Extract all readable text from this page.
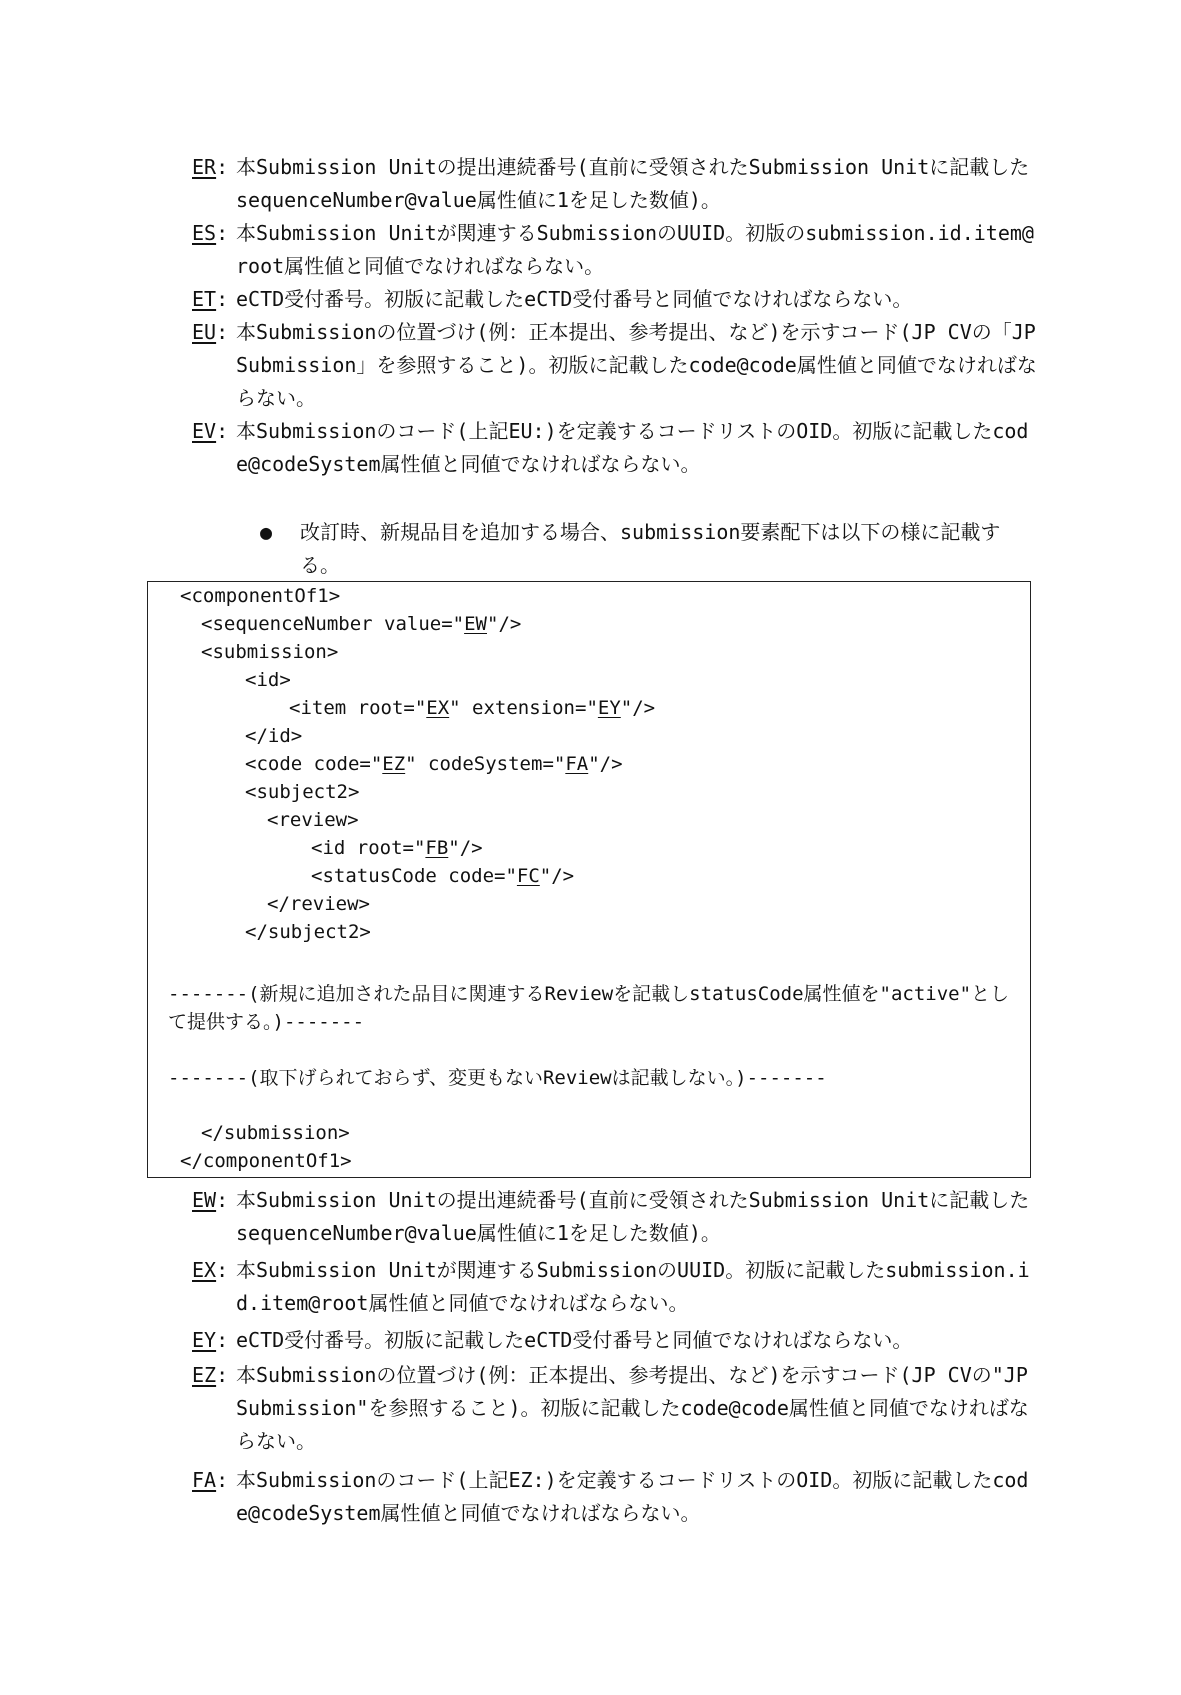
ER: 本Submission Unitの提出連続番号(直前に受領されたSubmission Unitに記載したsequenceNumber@value属性値に1を足した数値)。
ES: 本Submission Unitが関連するSubmissionのUUID。初版のsubmission.id.item@root属性値と同値でなければならない。
ET: eCTD受付番号。初版に記載したeCTD受付番号と同値でなければならない。
EU: 本Submissionの位置づけ(例：正本提出、参考提出、など)を示すコード(JP CVの「JP Submission」を参照すること)。初版に記載したcode@code属性値と同値でなければならない。
EV: 本Submissionのコード(上記EU:)を定義するコードリストのOID。初版に記載したcode@codeSystem属性値と同値でなければならない。
●	改訂時、新規品目を追加する場合、submission要素配下は以下の様に記載する。
<componentOf1>
<sequenceNumber value="EW"/>
<submission>
<id>
<item root="EX" extension="EY"/>
</id>
<code code="EZ" codeSystem="FA"/>
<subject2>
<review>
<id root="FB"/>
<statusCode code="FC"/>
</review>
</subject2>
-------(新規に追加された品目に関連するReviewを記載しstatusCode属性値を"active"として提供する。)-------
-------(取下げられておらず、変更もないReviewは記載しない。)-------
</submission>
</componentOf1>
EW: 本Submission Unitの提出連続番号(直前に受領されたSubmission Unitに記載したsequenceNumber@value属性値に1を足した数値)。
EX: 本Submission Unitが関連するSubmissionのUUID。初版に記載したsubmission.id.item@root属性値と同値でなければならない。
EY: eCTD受付番号。初版に記載したeCTD受付番号と同値でなければならない。
EZ: 本Submissionの位置づけ(例：正本提出、参考提出、など)を示すコード(JP CVの"JP Submission"を参照すること)。初版に記載したcode@code属性値と同値でなければならない。
FA: 本Submissionのコード(上記EZ:)を定義するコードリストのOID。初版に記載したcode@codeSystem属性値と同値でなければならない。
